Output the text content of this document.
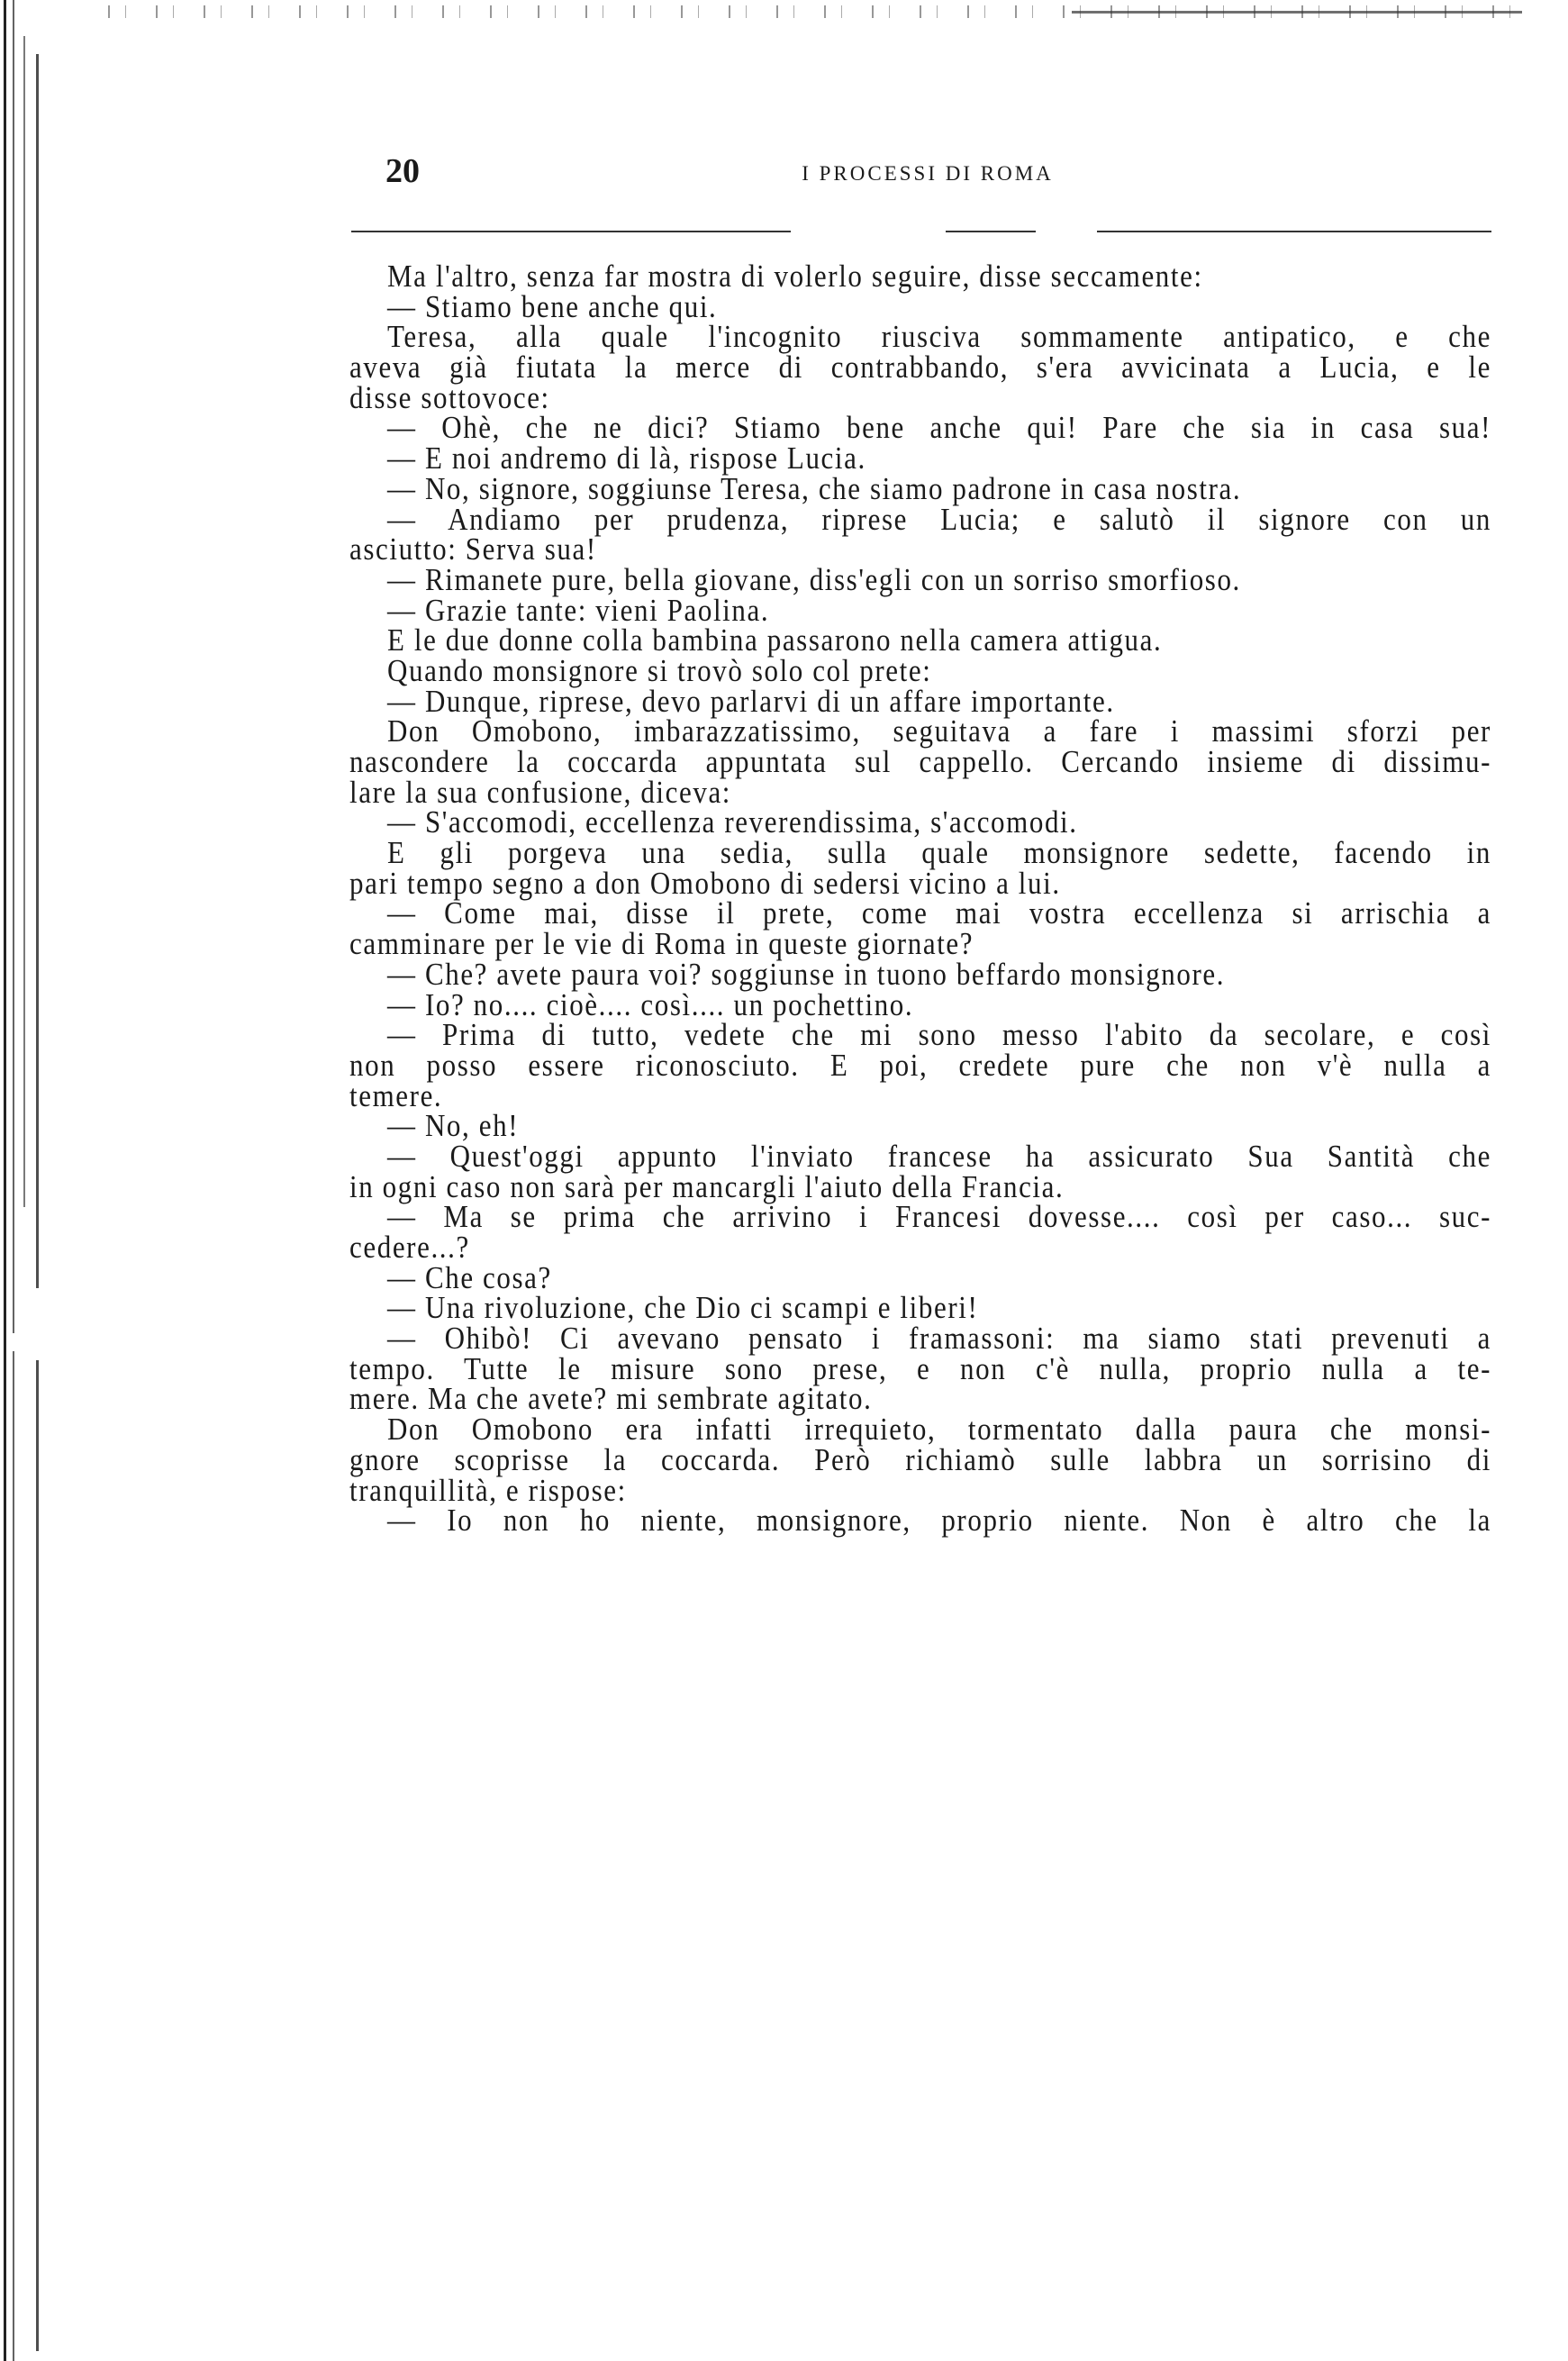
20	I PROCESSI DI ROMA
Ma l'altro, senza far mostra di volerlo seguire, disse seccamente:
— Stiamo bene anche qui.
Teresa, alla quale l'incognito riusciva sommamente antipatico, e che
aveva già fiutata la merce di contrabbando, s'era avvicinata a Lucia, e le
disse sottovoce:
— Ohè, che ne dici? Stiamo bene anche qui! Pare che sia in casa sua!
— E noi andremo di là, rispose Lucia.
— No, signore, soggiunse Teresa, che siamo padrone in casa nostra.
— Andiamo per prudenza, riprese Lucia; e salutò il signore con un
asciutto: Serva sua!
— Rimanete pure, bella giovane, diss'egli con un sorriso smorfioso.
— Grazie tante: vieni Paolina.
E le due donne colla bambina passarono nella camera attigua.
Quando monsignore si trovò solo col prete:
— Dunque, riprese, devo parlarvi di un affare importante.
Don Omobono, imbarazzatissimo, seguitava a fare i massimi sforzi per
nascondere la coccarda appuntata sul cappello. Cercando insieme di dissimu-
lare la sua confusione, diceva:
— S'accomodi, eccellenza reverendissima, s'accomodi.
E gli porgeva una sedia, sulla quale monsignore sedette, facendo in
pari tempo segno a don Omobono di sedersi vicino a lui.
— Come mai, disse il prete, come mai vostra eccellenza si arrischia a
camminare per le vie di Roma in queste giornate?
— Che? avete paura voi? soggiunse in tuono beffardo monsignore.
— Io? no.... cioè.... così.... un pochettino.
— Prima di tutto, vedete che mi sono messo l'abito da secolare, e così
non posso essere riconosciuto. E poi, credete pure che non v'è nulla a
temere.
— No, eh!
— Quest'oggi appunto l'inviato francese ha assicurato Sua Santità che
in ogni caso non sarà per mancargli l'aiuto della Francia.
— Ma se prima che arrivino i Francesi dovesse.... così per caso... suc-
cedere...?
— Che cosa?
— Una rivoluzione, che Dio ci scampi e liberi!
— Ohibò! Ci avevano pensato i framassoni: ma siamo stati prevenuti a
tempo. Tutte le misure sono prese, e non c'è nulla, proprio nulla a te-
mere. Ma che avete? mi sembrate agitato.
Don Omobono era infatti irrequieto, tormentato dalla paura che monsi-
gnore scoprisse la coccarda. Però richiamò sulle labbra un sorrisino di
tranquillità, e rispose:
— Io non ho niente, monsignore, proprio niente. Non è altro che la
